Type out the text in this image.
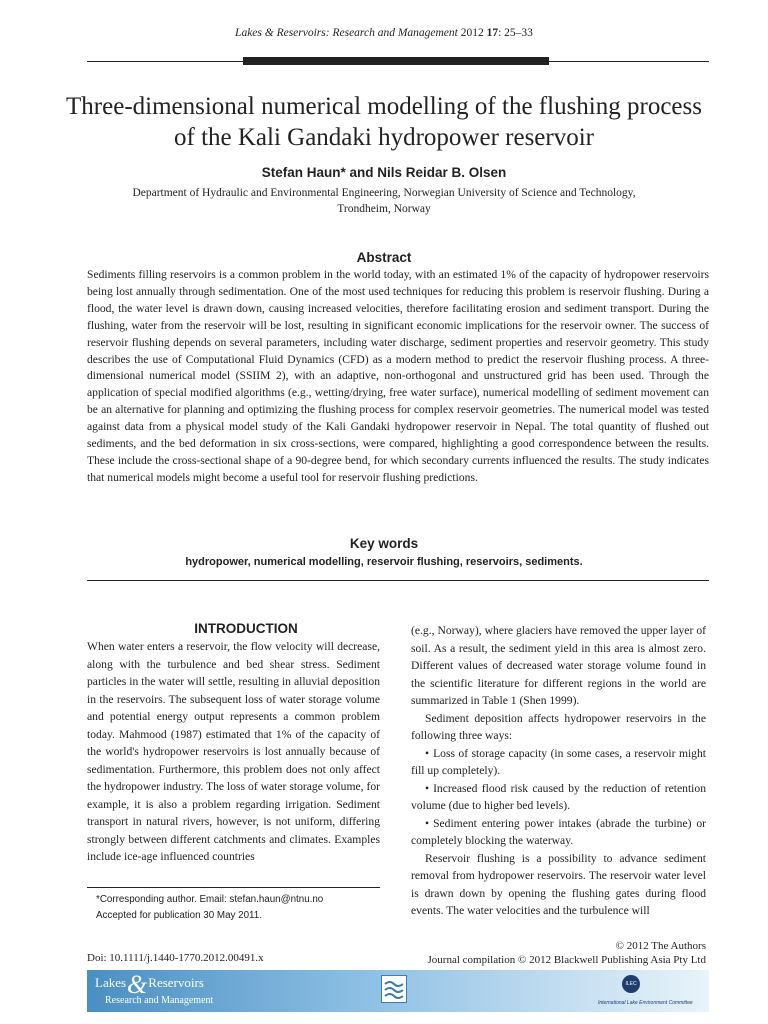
Lakes & Reservoirs: Research and Management 2012 17: 25–33
Three-dimensional numerical modelling of the flushing process of the Kali Gandaki hydropower reservoir
Stefan Haun* and Nils Reidar B. Olsen
Department of Hydraulic and Environmental Engineering, Norwegian University of Science and Technology, Trondheim, Norway
Abstract
Sediments filling reservoirs is a common problem in the world today, with an estimated 1% of the capacity of hydropower reservoirs being lost annually through sedimentation. One of the most used techniques for reducing this problem is reservoir flushing. During a flood, the water level is drawn down, causing increased velocities, therefore facilitating erosion and sediment transport. During the flushing, water from the reservoir will be lost, resulting in significant economic implications for the reservoir owner. The success of reservoir flushing depends on several parameters, including water discharge, sediment properties and reservoir geometry. This study describes the use of Computational Fluid Dynamics (CFD) as a modern method to predict the reservoir flushing process. A three-dimensional numerical model (SSIIM 2), with an adaptive, non-orthogonal and unstructured grid has been used. Through the application of special modified algorithms (e.g., wetting/drying, free water surface), numerical modelling of sediment movement can be an alternative for planning and optimizing the flushing process for complex reservoir geometries. The numerical model was tested against data from a physical model study of the Kali Gandaki hydropower reservoir in Nepal. The total quantity of flushed out sediments, and the bed deformation in six cross-sections, were compared, highlighting a good correspondence between the results. These include the cross-sectional shape of a 90-degree bend, for which secondary currents influenced the results. The study indicates that numerical models might become a useful tool for reservoir flushing predictions.
Key words
hydropower, numerical modelling, reservoir flushing, reservoirs, sediments.
INTRODUCTION

When water enters a reservoir, the flow velocity will decrease, along with the turbulence and bed shear stress. Sediment particles in the water will settle, resulting in alluvial deposition in the reservoirs. The subsequent loss of water storage volume and potential energy output represents a common problem today. Mahmood (1987) estimated that 1% of the capacity of the world's hydropower reservoirs is lost annually because of sedimentation. Furthermore, this problem does not only affect the hydropower industry. The loss of water storage volume, for example, it is also a problem regarding irrigation. Sediment transport in natural rivers, however, is not uniform, differing strongly between different catchments and climates. Examples include ice-age influenced countries

(e.g., Norway), where glaciers have removed the upper layer of soil. As a result, the sediment yield in this area is almost zero. Different values of decreased water storage volume found in the scientific literature for different regions in the world are summarized in Table 1 (Shen 1999).

Sediment deposition affects hydropower reservoirs in the following three ways:

• Loss of storage capacity (in some cases, a reservoir might fill up completely).

• Increased flood risk caused by the reduction of retention volume (due to higher bed levels).

• Sediment entering power intakes (abrade the turbine) or completely blocking the waterway.

Reservoir flushing is a possibility to advance sediment removal from hydropower reservoirs. The reservoir water level is drawn down by opening the flushing gates during flood events. The water velocities and the turbulence will

*Corresponding author. Email: stefan.haun@ntnu.no
Accepted for publication 30 May 2011.
Doi: 10.1111/j.1440-1770.2012.00491.x
© 2012 The Authors
Journal compilation © 2012 Blackwell Publishing Asia Pty Ltd
Lakes&Reservoirs
Research and Management
ILEC
International Lake Environment Committee
